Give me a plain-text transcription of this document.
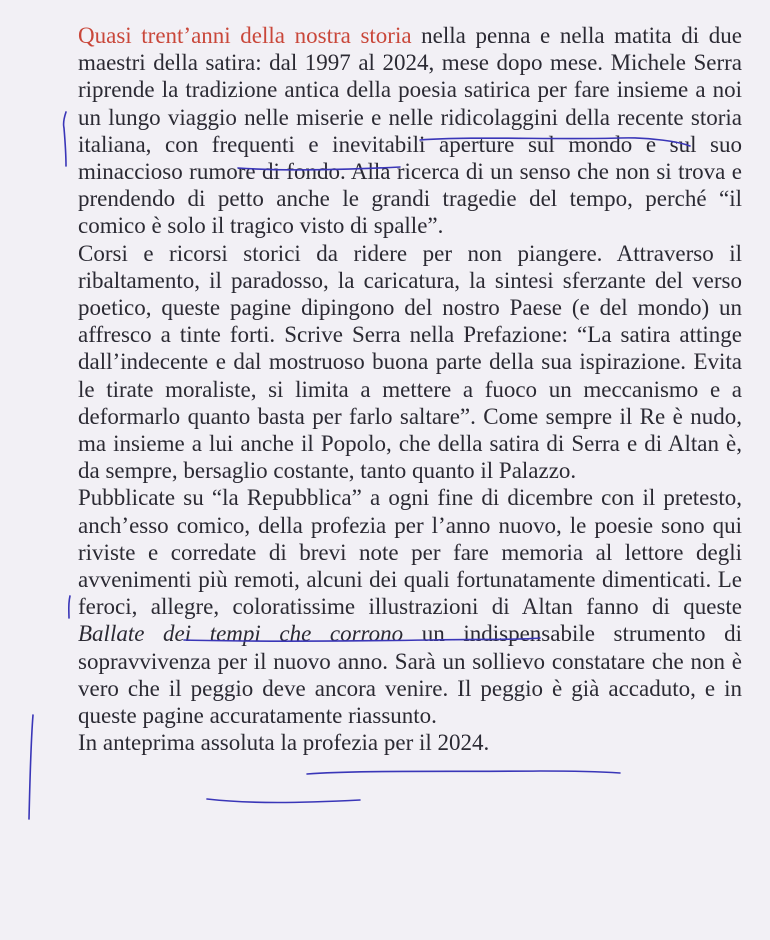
Quasi trent’anni della nostra storia nella penna e nella matita di due maestri della satira: dal 1997 al 2024, mese dopo mese. Michele Serra riprende la tradizione antica della poesia satirica per fare insieme a noi un lungo viaggio nelle miserie e nelle ridicolaggini della recente storia italiana, con frequenti e inevitabili aperture sul mondo e sul suo minaccioso rumore di fondo. Alla ricerca di un senso che non si trova e prendendo di petto anche le grandi tragedie del tempo, perché “il comico è solo il tragico visto di spalle”.

Corsi e ricorsi storici da ridere per non piangere. Attraverso il ribaltamento, il paradosso, la caricatura, la sintesi sferzante del verso poetico, queste pagine dipingono del nostro Paese (e del mondo) un affresco a tinte forti. Scrive Serra nella Prefazione: “La satira attinge dall’indecente e dal mostruoso buona parte della sua ispirazione. Evita le tirate moraliste, si limita a mettere a fuoco un meccanismo e a deformarlo quanto basta per farlo saltare”. Come sempre il Re è nudo, ma insieme a lui anche il Popolo, che della satira di Serra e di Altan è, da sempre, bersaglio costante, tanto quanto il Palazzo.

Pubblicate su “la Repubblica” a ogni fine di dicembre con il pretesto, anch’esso comico, della profezia per l’anno nuovo, le poesie sono qui riviste e corredate di brevi note per fare memoria al lettore degli avvenimenti più remoti, alcuni dei quali fortunatamente dimenticati. Le feroci, allegre, coloratissime illustrazioni di Altan fanno di queste Ballate dei tempi che corrono un indispensabile strumento di sopravvivenza per il nuovo anno. Sarà un sollievo constatare che non è vero che il peggio deve ancora venire. Il peggio è già accaduto, e in queste pagine accuratamente riassunto.

In anteprima assoluta la profezia per il 2024.
